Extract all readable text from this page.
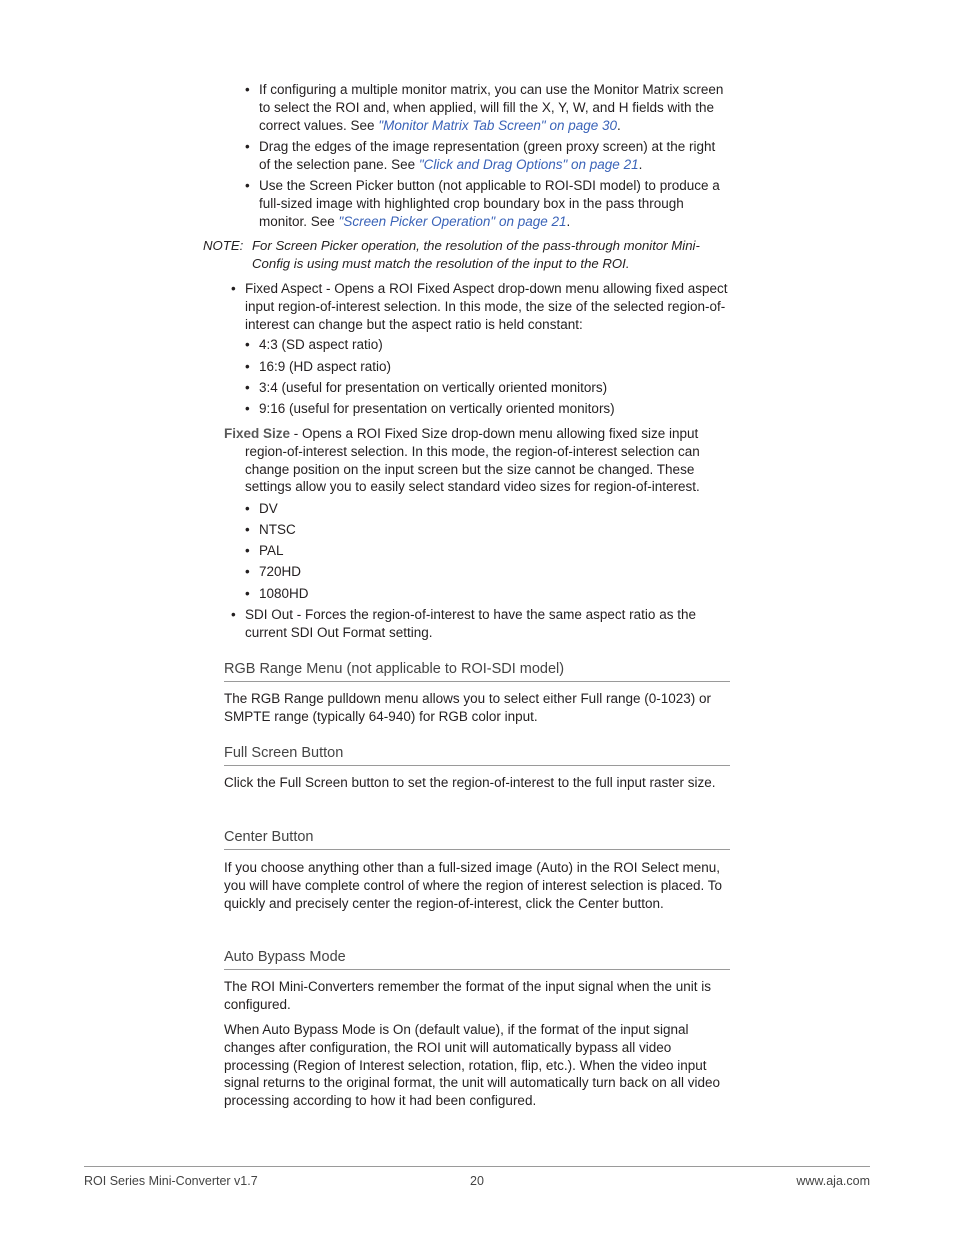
• If configuring a multiple monitor matrix, you can use the Monitor Matrix screen to select the ROI and, when applied, will fill the X, Y, W, and H fields with the correct values. See "Monitor Matrix Tab Screen" on page 30.
• Drag the edges of the image representation (green proxy screen) at the right of the selection pane. See "Click and Drag Options" on page 21.
• Use the Screen Picker button (not applicable to ROI-SDI model) to produce a full-sized image with highlighted crop boundary box in the pass through monitor. See "Screen Picker Operation" on page 21.
NOTE: For Screen Picker operation, the resolution of the pass-through monitor Mini-Config is using must match the resolution of the input to the ROI.
• Fixed Aspect - Opens a ROI Fixed Aspect drop-down menu allowing fixed aspect input region-of-interest selection. In this mode, the size of the selected region-of-interest can change but the aspect ratio is held constant:
• 4:3 (SD aspect ratio)
• 16:9 (HD aspect ratio)
• 3:4 (useful for presentation on vertically oriented monitors)
• 9:16 (useful for presentation on vertically oriented monitors)
Fixed Size - Opens a ROI Fixed Size drop-down menu allowing fixed size input region-of-interest selection. In this mode, the region-of-interest selection can change position on the input screen but the size cannot be changed. These settings allow you to easily select standard video sizes for region-of-interest.
• DV
• NTSC
• PAL
• 720HD
• 1080HD
• SDI Out - Forces the region-of-interest to have the same aspect ratio as the current SDI Out Format setting.
RGB Range Menu (not applicable to ROI-SDI model)
The RGB Range pulldown menu allows you to select either Full range (0-1023) or SMPTE range (typically 64-940) for RGB color input.
Full Screen Button
Click the Full Screen button to set the region-of-interest to the full input raster size.
Center Button
If you choose anything other than a full-sized image (Auto) in the ROI Select menu, you will have complete control of where the region of interest selection is placed. To quickly and precisely center the region-of-interest, click the Center button.
Auto Bypass Mode
The ROI Mini-Converters remember the format of the input signal when the unit is configured.
When Auto Bypass Mode is On (default value), if the format of the input signal changes after configuration, the ROI unit will automatically bypass all video processing (Region of Interest selection, rotation, flip, etc.). When the video input signal returns to the original format, the unit will automatically turn back on all video processing according to how it had been configured.
ROI Series Mini-Converter v1.7	20	www.aja.com
